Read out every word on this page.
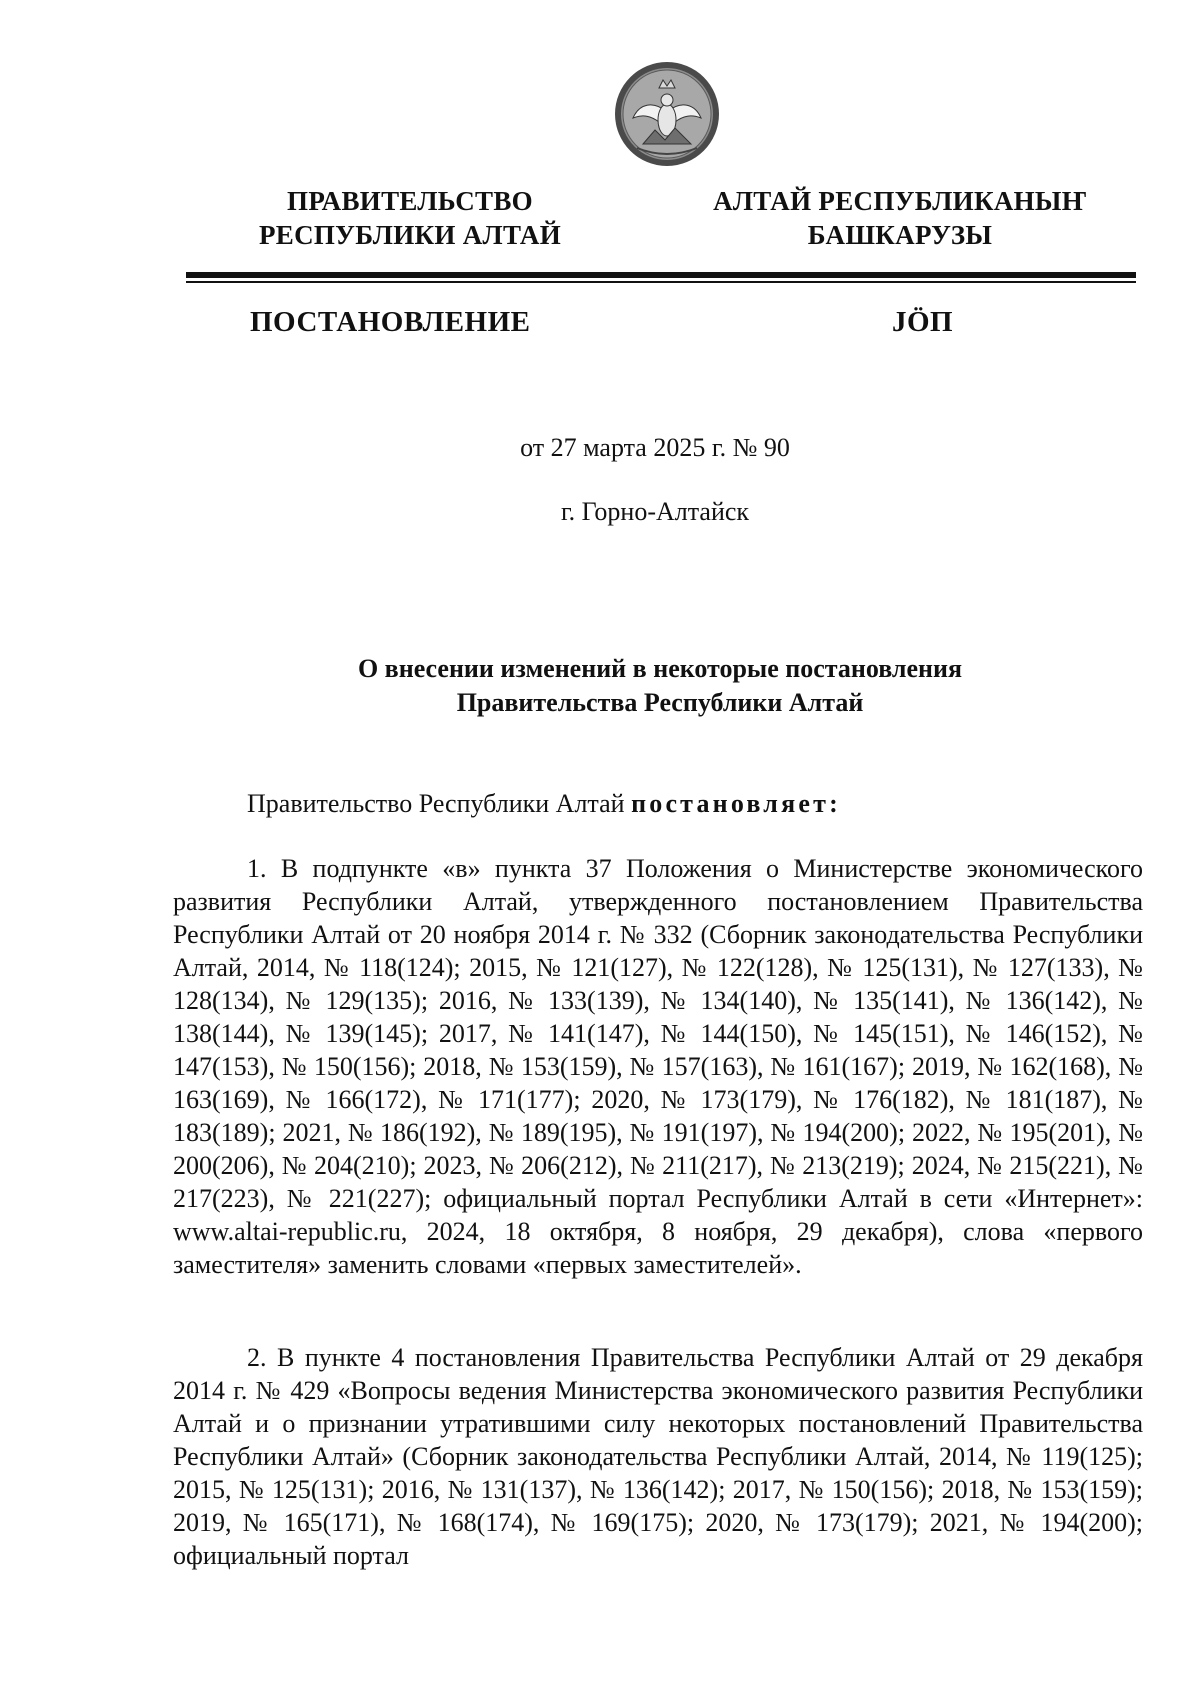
ПРАВИТЕЛЬСТВО
РЕСПУБЛИКИ АЛТАЙ
АЛТАЙ РЕСПУБЛИКАНЫҤ
БАШКАРУЗЫ
ПОСТАНОВЛЕНИЕ	JÖП
от 27 марта 2025 г. № 90
г. Горно-Алтайск
О внесении изменений в некоторые постановления
Правительства Республики Алтай

Правительство Республики Алтай постановляет:

1. В подпункте «в» пункта 37 Положения о Министерстве экономического развития Республики Алтай, утвержденного постановлением Правительства Республики Алтай от 20 ноября 2014 г. № 332 (Сборник законодательства Республики Алтай, 2014, № 118(124); 2015, № 121(127), № 122(128), № 125(131), № 127(133), № 128(134), № 129(135); 2016, № 133(139), № 134(140), № 135(141), № 136(142), № 138(144), № 139(145); 2017, № 141(147), № 144(150), № 145(151), № 146(152), № 147(153), № 150(156); 2018, № 153(159), № 157(163), № 161(167); 2019, № 162(168), № 163(169), № 166(172), № 171(177); 2020, № 173(179), № 176(182), № 181(187), № 183(189); 2021, № 186(192), № 189(195), № 191(197), № 194(200); 2022, № 195(201), № 200(206), № 204(210); 2023, № 206(212), № 211(217), № 213(219); 2024, № 215(221), № 217(223), № 221(227); официальный портал Республики Алтай в сети «Интернет»: www.altai-republic.ru, 2024, 18 октября, 8 ноября, 29 декабря), слова «первого заместителя» заменить словами «первых заместителей».

2. В пункте 4 постановления Правительства Республики Алтай от 29 декабря 2014 г. № 429 «Вопросы ведения Министерства экономического развития Республики Алтай и о признании утратившими силу некоторых постановлений Правительства Республики Алтай» (Сборник законодательства Республики Алтай, 2014, № 119(125); 2015, № 125(131); 2016, № 131(137), № 136(142); 2017, № 150(156); 2018, № 153(159); 2019, № 165(171), № 168(174), № 169(175); 2020, № 173(179); 2021, № 194(200); официальный портал
